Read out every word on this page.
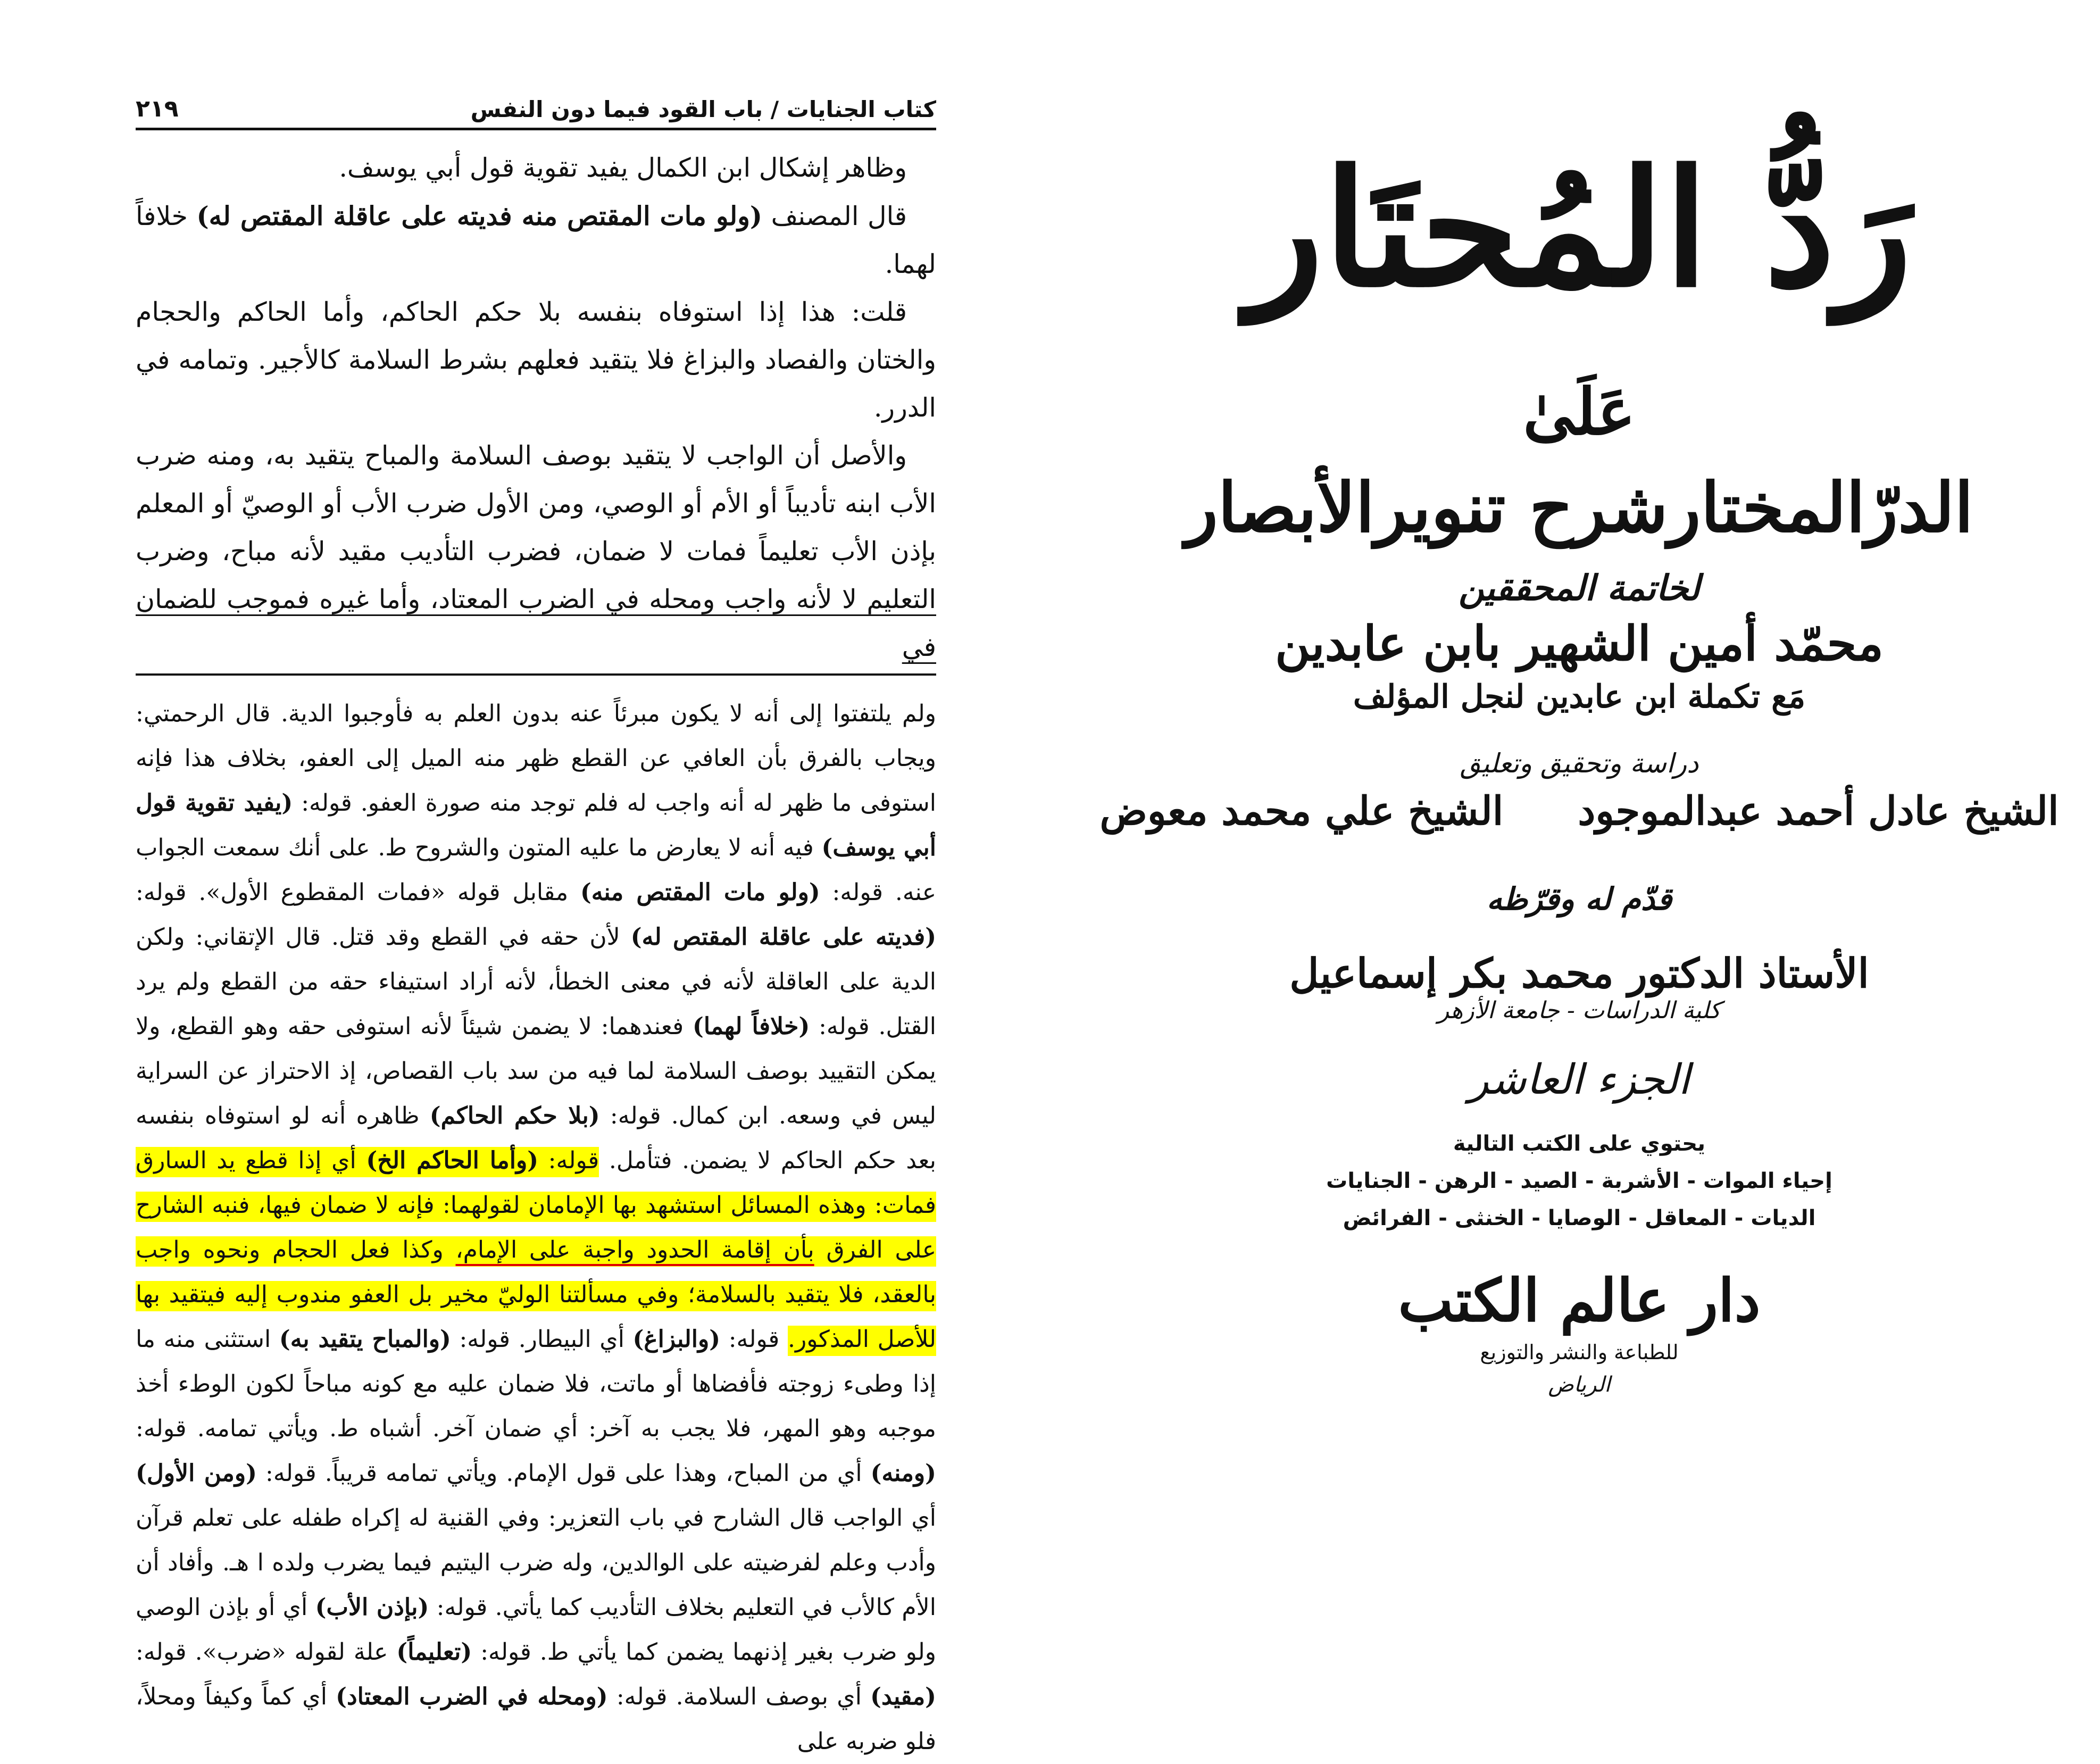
كتاب الجنايات / باب القود فيما دون النفس
٢١٩

وظاهر إشكال ابن الكمال يفيد تقوية قول أبي يوسف.

قال المصنف (ولو مات المقتص منه فديته على عاقلة المقتص له) خلافاً لهما.

قلت: هذا إذا استوفاه بنفسه بلا حكم الحاكم، وأما الحاكم والحجام والختان والفصاد والبزاغ فلا يتقيد فعلهم بشرط السلامة كالأجير. وتمامه في الدرر.

والأصل أن الواجب لا يتقيد بوصف السلامة والمباح يتقيد به، ومنه ضرب الأب ابنه تأديباً أو الأم أو الوصي، ومن الأول ضرب الأب أو الوصيّ أو المعلم بإذن الأب تعليماً فمات لا ضمان، فضرب التأديب مقيد لأنه مباح، وضرب التعليم لا لأنه واجب ومحله في الضرب المعتاد، وأما غيره فموجب للضمان في

ولم يلتفتوا إلى أنه لا يكون مبرئاً عنه بدون العلم به فأوجبوا الدية. قال الرحمتي: ويجاب بالفرق بأن العافي عن القطع ظهر منه الميل إلى العفو، بخلاف هذا فإنه استوفى ما ظهر له أنه واجب له فلم توجد منه صورة العفو. قوله: (يفيد تقوية قول أبي يوسف) فيه أنه لا يعارض ما عليه المتون والشروح ط. على أنك سمعت الجواب عنه. قوله: (ولو مات المقتص منه) مقابل قوله «فمات المقطوع الأول». قوله: (فديته على عاقلة المقتص له) لأن حقه في القطع وقد قتل. قال الإتقاني: ولكن الدية على العاقلة لأنه في معنى الخطأ، لأنه أراد استيفاء حقه من القطع ولم يرد القتل. قوله: (خلافاً لهما) فعندهما: لا يضمن شيئاً لأنه استوفى حقه وهو القطع، ولا يمكن التقييد بوصف السلامة لما فيه من سد باب القصاص، إذ الاحتراز عن السراية ليس في وسعه. ابن كمال. قوله: (بلا حكم الحاكم) ظاهره أنه لو استوفاه بنفسه بعد حكم الحاكم لا يضمن. فتأمل. قوله: (وأما الحاكم الخ) أي إذا قطع يد السارق فمات: وهذه المسائل استشهد بها الإمامان لقولهما: فإنه لا ضمان فيها، فنبه الشارح على الفرق بأن إقامة الحدود واجبة على الإمام، وكذا فعل الحجام ونحوه واجب بالعقد، فلا يتقيد بالسلامة؛ وفي مسألتنا الوليّ مخير بل العفو مندوب إليه فيتقيد بها للأصل المذكور. قوله: (والبزاغ) أي البيطار. قوله: (والمباح يتقيد به) استثنى منه ما إذا وطىء زوجته فأفضاها أو ماتت، فلا ضمان عليه مع كونه مباحاً لكون الوطء أخذ موجبه وهو المهر، فلا يجب به آخر: أي ضمان آخر. أشباه ط. ويأتي تمامه. قوله: (ومنه) أي من المباح، وهذا على قول الإمام. ويأتي تمامه قريباً. قوله: (ومن الأول) أي الواجب قال الشارح في باب التعزير: وفي القنية له إكراه طفله على تعلم قرآن وأدب وعلم لفرضيته على الوالدين، وله ضرب اليتيم فيما يضرب ولده ا هـ. وأفاد أن الأم كالأب في التعليم بخلاف التأديب كما يأتي. قوله: (بإذن الأب) أي أو بإذن الوصي ولو ضرب بغير إذنهما يضمن كما يأتي ط. قوله: (تعليماً) علة لقوله «ضرب». قوله: (مقيد) أي بوصف السلامة. قوله: (ومحله في الضرب المعتاد) أي كماً وكيفاً ومحلاً، فلو ضربه على

رَدُّ المُحتَار
عَلَىٰ
الدرّالمختارشرح تنويرالأبصار
لخاتمة المحققين
محمّد أمين الشهير بابن عابدين
مَع تكملة ابن عابدين لنجل المؤلف
دراسة وتحقيق وتعليق
الشيخ عادل أحمد عبدالموجود
الشيخ علي محمد معوض
قدّم له وقرّظه
الأستاذ الدكتور محمد بكر إسماعيل
كلية الدراسات - جامعة الأزهر
الجزء العاشر
يحتوي على الكتب التالية
إحياء الموات - الأشربة - الصيد - الرهن - الجنايات
الديات - المعاقل - الوصايا - الخنثى - الفرائض
دار عالم الكتب
للطباعة والنشر والتوزيع
الرياض
